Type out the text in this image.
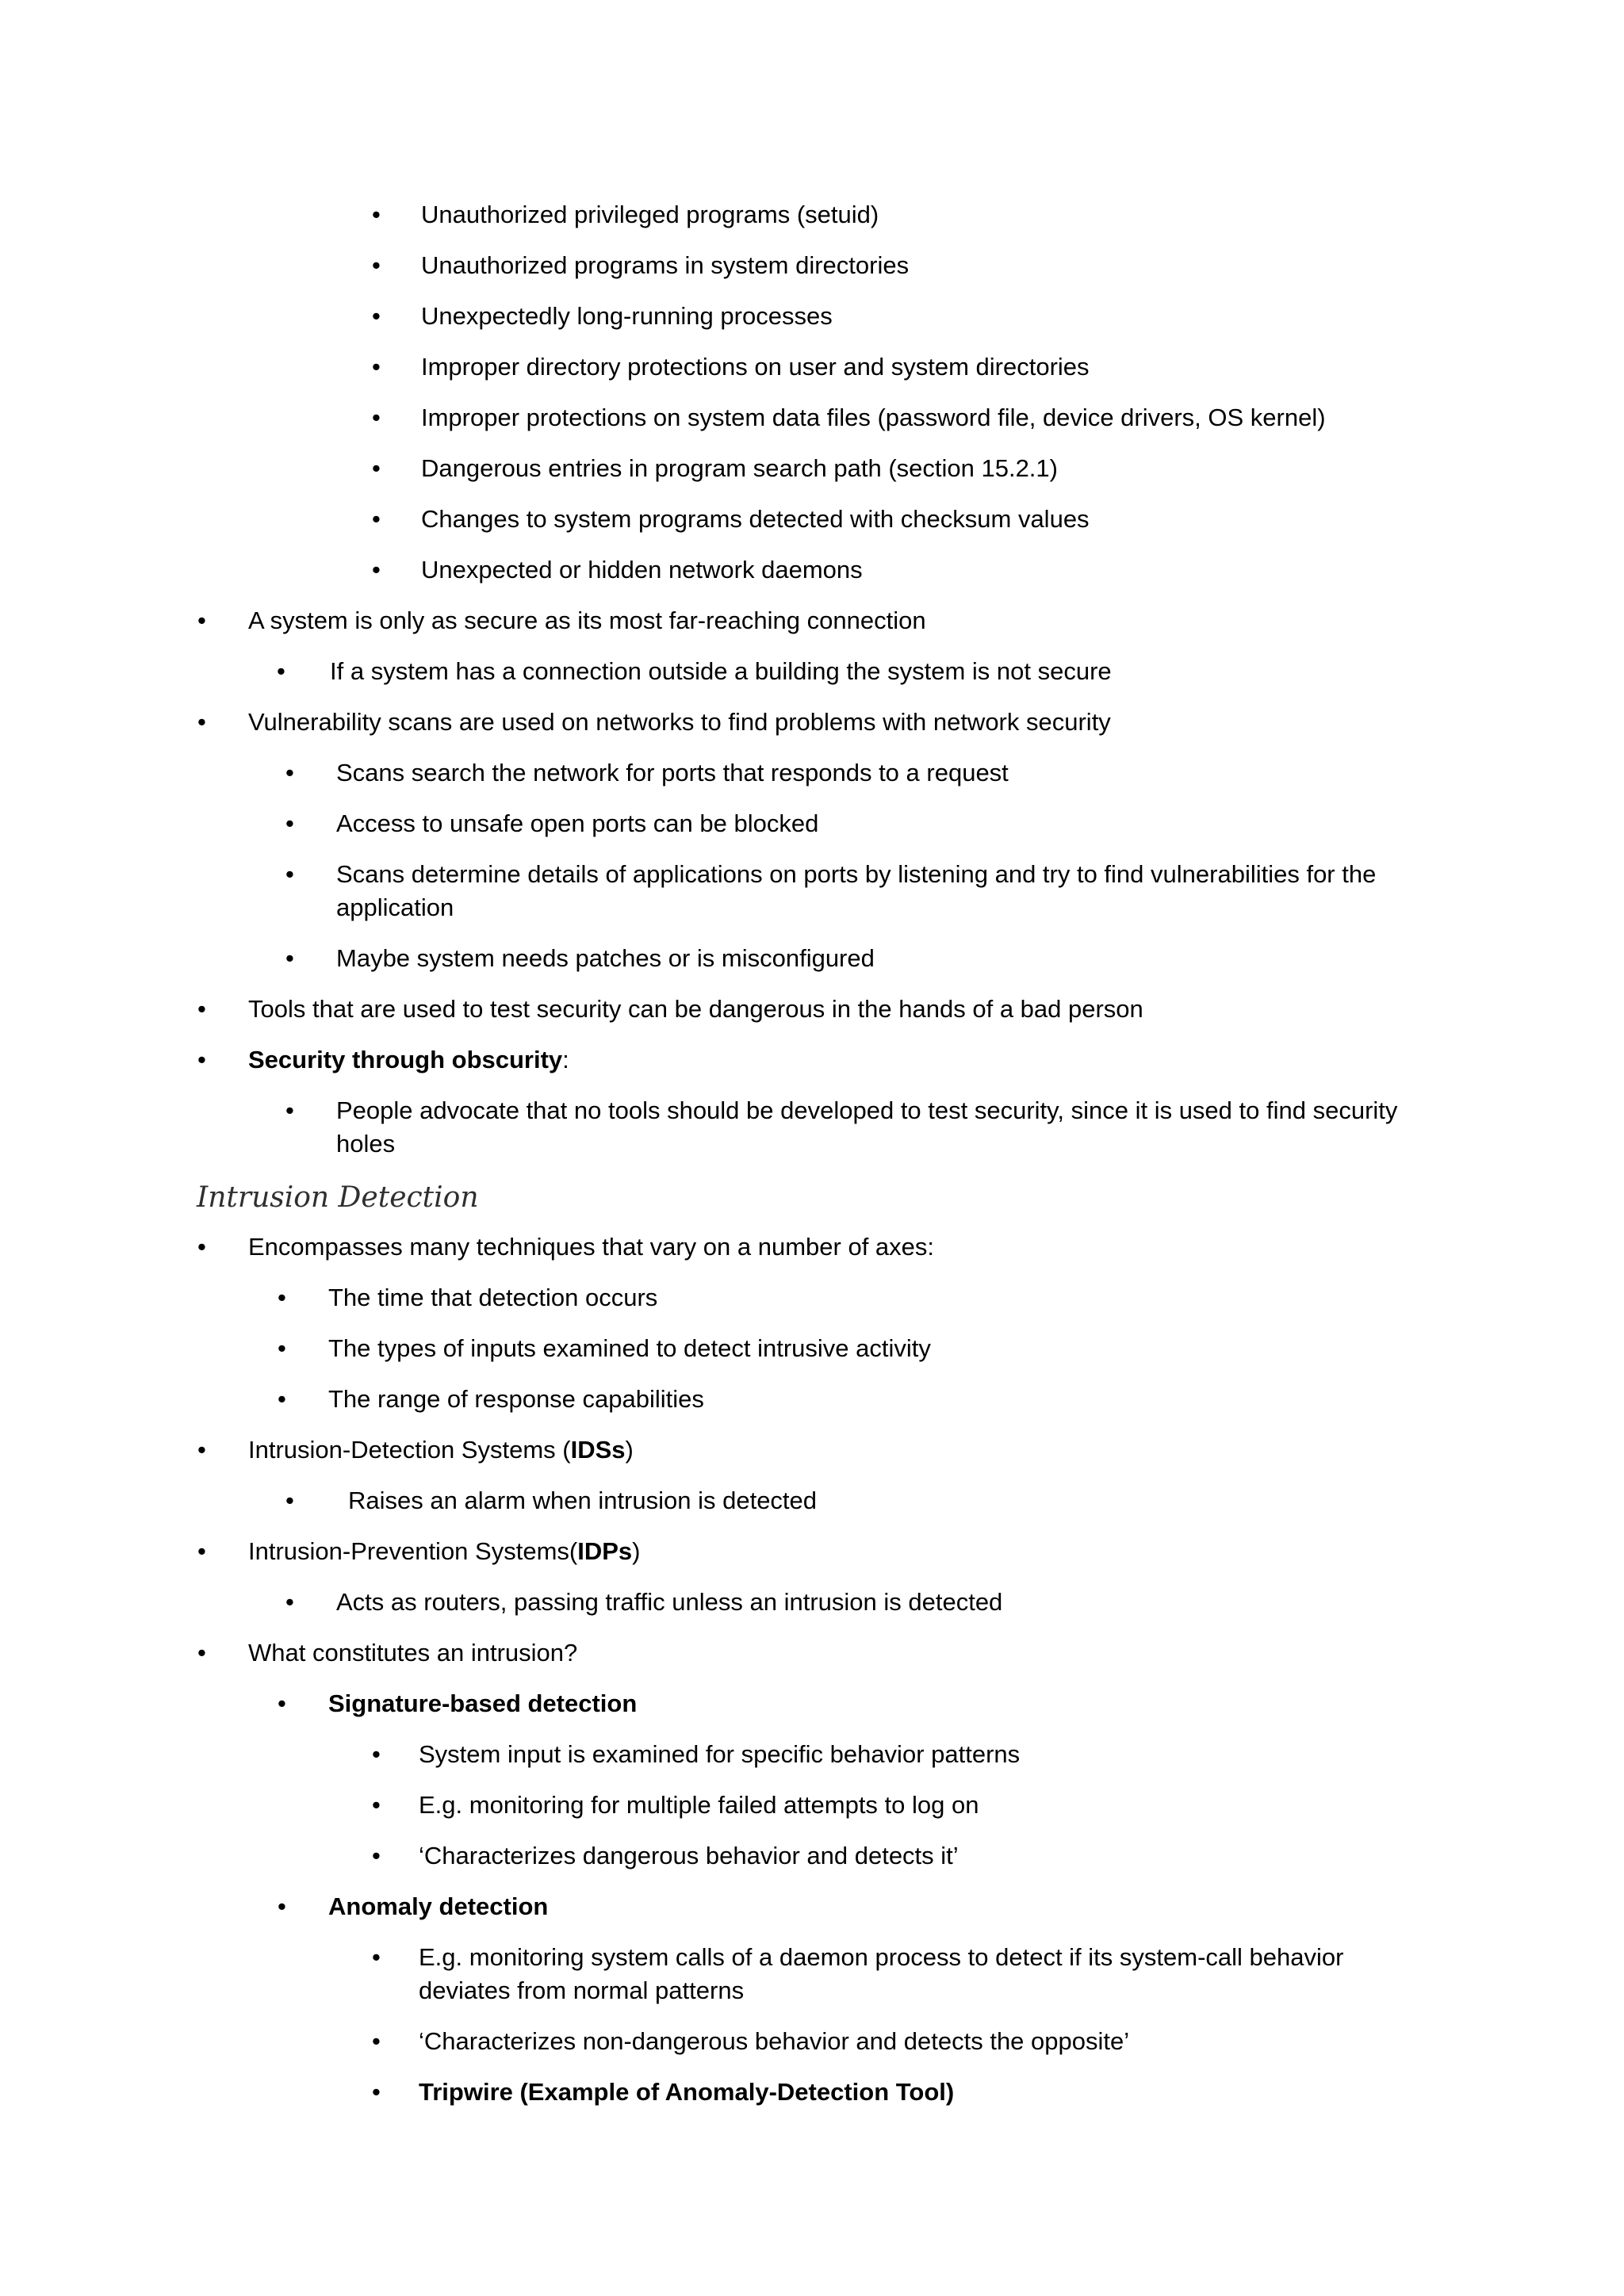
• Unauthorized privileged programs (setuid)
• Unauthorized programs in system directories
• Unexpectedly long-running processes
• Improper directory protections on user and system directories
• Improper protections on system data files (password file, device drivers, OS kernel)
• Dangerous entries in program search path (section 15.2.1)
• Changes to system programs detected with checksum values
• Unexpected or hidden network daemons
• A system is only as secure as its most far-reaching connection
• If a system has a connection outside a building the system is not secure
• Vulnerability scans are used on networks to find problems with network security
• Scans search the network for ports that responds to a request
• Access to unsafe open ports can be blocked
• Scans determine details of applications on ports by listening and try to find vulnerabilities for the application
• Maybe system needs patches or is misconfigured
• Tools that are used to test security can be dangerous in the hands of a bad person
• Security through obscurity:
• People advocate that no tools should be developed to test security, since it is used to find security holes
Intrusion Detection
• Encompasses many techniques that vary on a number of axes:
• The time that detection occurs
• The types of inputs examined to detect intrusive activity
• The range of response capabilities
• Intrusion-Detection Systems (IDSs)
• Raises an alarm when intrusion is detected
• Intrusion-Prevention Systems(IDPs)
• Acts as routers, passing traffic unless an intrusion is detected
• What constitutes an intrusion?
• Signature-based detection
• System input is examined for specific behavior patterns
• E.g. monitoring for multiple failed attempts to log on
• ‘Characterizes dangerous behavior and detects it’
• Anomaly detection
• E.g. monitoring system calls of a daemon process to detect if its system-call behavior deviates from normal patterns
• ‘Characterizes non-dangerous behavior and detects the opposite’
• Tripwire (Example of Anomaly-Detection Tool)
